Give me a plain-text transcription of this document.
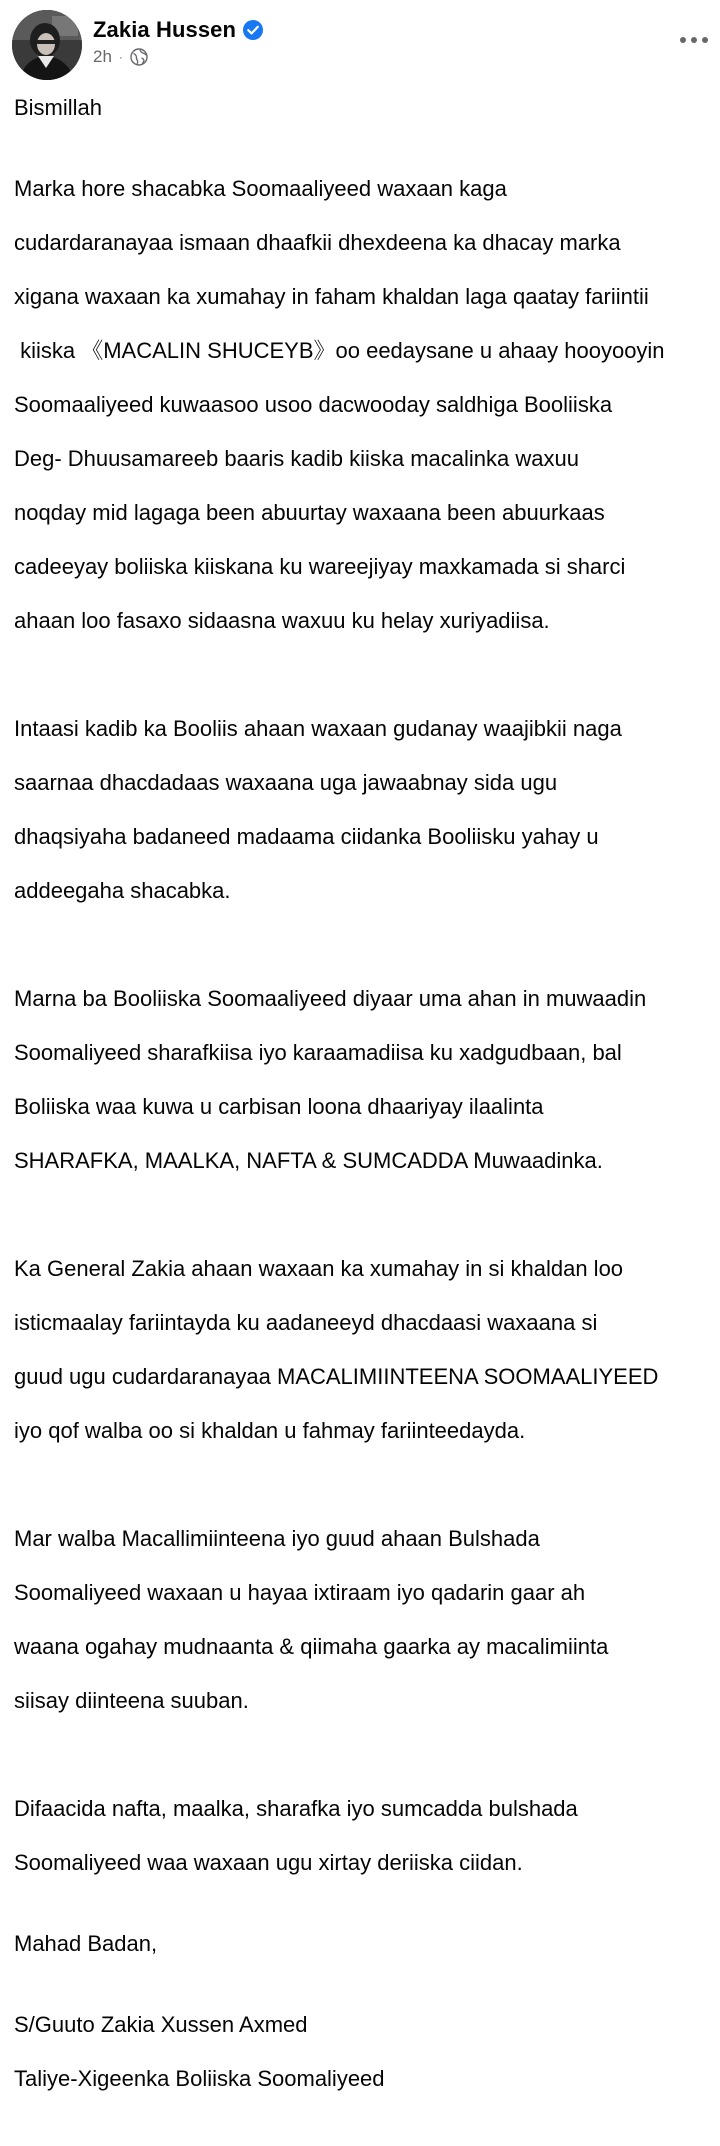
Zakia Hussen
2h ·

Bismillah

Marka hore shacabka Soomaaliyeed waxaan kaga

cudardaranayaa ismaan dhaafkii dhexdeena ka dhacay marka

xigana waxaan ka xumahay in faham khaldan laga qaatay fariintii

kiiska 《MACALIN SHUCEYB》oo eedaysane u ahaay hooyooyin

Soomaaliyeed kuwaasoo usoo dacwooday saldhiga Booliiska

Deg- Dhuusamareeb baaris kadib kiiska macalinka waxuu

noqday mid lagaga been abuurtay waxaana been abuurkaas

cadeeyay boliiska kiiskana ku wareejiyay maxkamada si sharci

ahaan loo fasaxo sidaasna waxuu ku helay xuriyadiisa.

Intaasi kadib ka Booliis ahaan waxaan gudanay waajibkii naga

saarnaa dhacdadaas waxaana uga jawaabnay sida ugu

dhaqsiyaha badaneed madaama ciidanka Booliisku yahay u

addeegaha shacabka.

Marna ba Booliiska Soomaaliyeed diyaar uma ahan in muwaadin

Soomaliyeed sharafkiisa iyo karaamadiisa ku xadgudbaan, bal

Boliiska waa kuwa u carbisan loona dhaariyay ilaalinta

SHARAFKA, MAALKA, NAFTA & SUMCADDA Muwaadinka.

Ka General Zakia ahaan waxaan ka xumahay in si khaldan loo

isticmaalay fariintayda ku aadaneeyd dhacdaasi waxaana si

guud ugu cudardaranayaa MACALIMIINTEENA SOOMAALIYEED

iyo qof walba oo si khaldan u fahmay fariinteedayda.

Mar walba Macallimiinteena iyo guud ahaan Bulshada

Soomaliyeed waxaan u hayaa ixtiraam iyo qadarin gaar ah

waana ogahay mudnaanta & qiimaha gaarka ay macalimiinta

siisay diinteena suuban.

Difaacida nafta, maalka, sharafka iyo sumcadda bulshada

Soomaliyeed waa waxaan ugu xirtay deriiska ciidan.

Mahad Badan,

S/Guuto Zakia Xussen Axmed

Taliye-Xigeenka Boliiska Soomaliyeed
